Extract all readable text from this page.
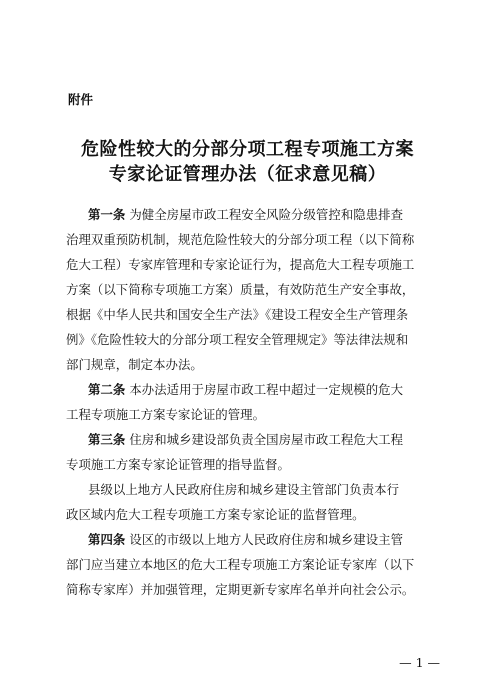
附件
危险性较大的分部分项工程专项施工方案
专家论证管理办法（征求意见稿）
第一条 为健全房屋市政工程安全风险分级管控和隐患排查
治理双重预防机制，规范危险性较大的分部分项工程（以下简称
危大工程）专家库管理和专家论证行为，提高危大工程专项施工
方案（以下简称专项施工方案）质量，有效防范生产安全事故，
根据《中华人民共和国安全生产法》《建设工程安全生产管理条
例》《危险性较大的分部分项工程安全管理规定》等法律法规和
部门规章，制定本办法。
第二条 本办法适用于房屋市政工程中超过一定规模的危大
工程专项施工方案专家论证的管理。
第三条 住房和城乡建设部负责全国房屋市政工程危大工程
专项施工方案专家论证管理的指导监督。
县级以上地方人民政府住房和城乡建设主管部门负责本行
政区域内危大工程专项施工方案专家论证的监督管理。
第四条 设区的市级以上地方人民政府住房和城乡建设主管
部门应当建立本地区的危大工程专项施工方案论证专家库（以下
简称专家库）并加强管理，定期更新专家库名单并向社会公示。
— 1 —
